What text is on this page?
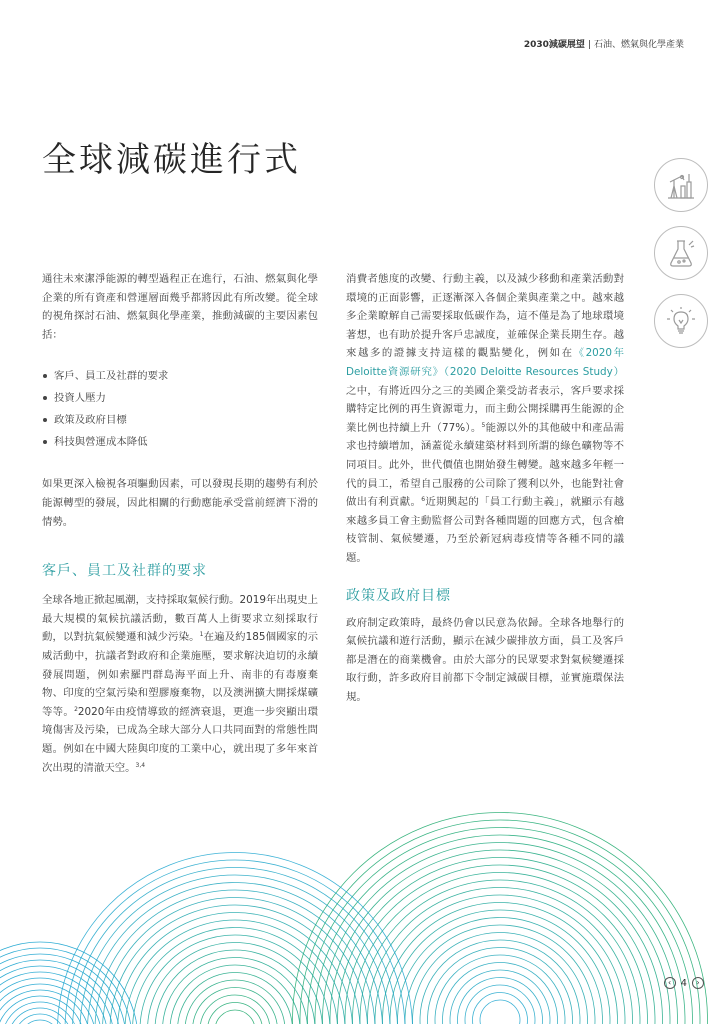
2030減碳展望 | 石油、燃氣與化學產業
全球減碳進行式

通往未來潔淨能源的轉型過程正在進行，石油、燃氣與化學企業的所有資產和營運層面幾乎都將因此有所改變。從全球的視角探討石油、燃氣與化學產業，推動減碳的主要因素包括：

客戶、員工及社群的要求
投資人壓力
政策及政府目標
科技與營運成本降低

如果更深入檢視各項驅動因素，可以發現長期的趨勢有利於能源轉型的發展，因此相關的行動應能承受當前經濟下滑的情勢。

客戶、員工及社群的要求

全球各地正掀起風潮，支持採取氣候行動。2019年出現史上最大規模的氣候抗議活動，數百萬人上街要求立刻採取行動，以對抗氣候變遷和減少污染。$^1$在遍及約185個國家的示威活動中，抗議者對政府和企業施壓，要求解決迫切的永續發展問題，例如索羅門群島海平面上升、南非的有毒廢棄物、印度的空氣污染和塑膠廢棄物，以及澳洲擴大開採煤礦等等。$^2$2020年由疫情導致的經濟衰退，更進一步突顯出環境傷害及污染，已成為全球大部分人口共同面對的常態性問題。例如在中國大陸與印度的工業中心，就出現了多年來首次出現的清澈天空。$^{3,4}$

消費者態度的改變、行動主義，以及減少移動和產業活動對環境的正面影響，正逐漸深入各個企業與產業之中。越來越多企業瞭解自己需要採取低碳作為，這不僅是為了地球環境著想，也有助於提升客戶忠誠度，並確保企業長期生存。越來越多的證據支持這樣的觀點變化，例如在《2020年Deloitte資源研究》（2020 Deloitte Resources Study）之中，有將近四分之三的美國企業受訪者表示，客戶要求採購特定比例的再生資源電力，而主動公開採購再生能源的企業比例也持續上升（77%）。$^5$能源以外的其他破中和產品需求也持續增加，涵蓋從永續建築材料到所謂的綠色礦物等不同項目。此外，世代價值也開始發生轉變。越來越多年輕一代的員工，希望自己服務的公司除了獲利以外，也能對社會做出有利貢獻。$^6$近期興起的「員工行動主義」，就顯示有越來越多員工會主動監督公司對各種問題的回應方式，包含槍枝管制、氣候變遷，乃至於新冠病毒疫情等各種不同的議題。

政策及政府目標

政府制定政策時，最終仍會以民意為依歸。全球各地舉行的氣候抗議和遊行活動，顯示在減少碳排放方面，員工及客戶都是潛在的商業機會。由於大部分的民眾要求對氣候變遷採取行動，許多政府目前都下令制定減碳目標，並實施環保法規。

‹ 4	›
